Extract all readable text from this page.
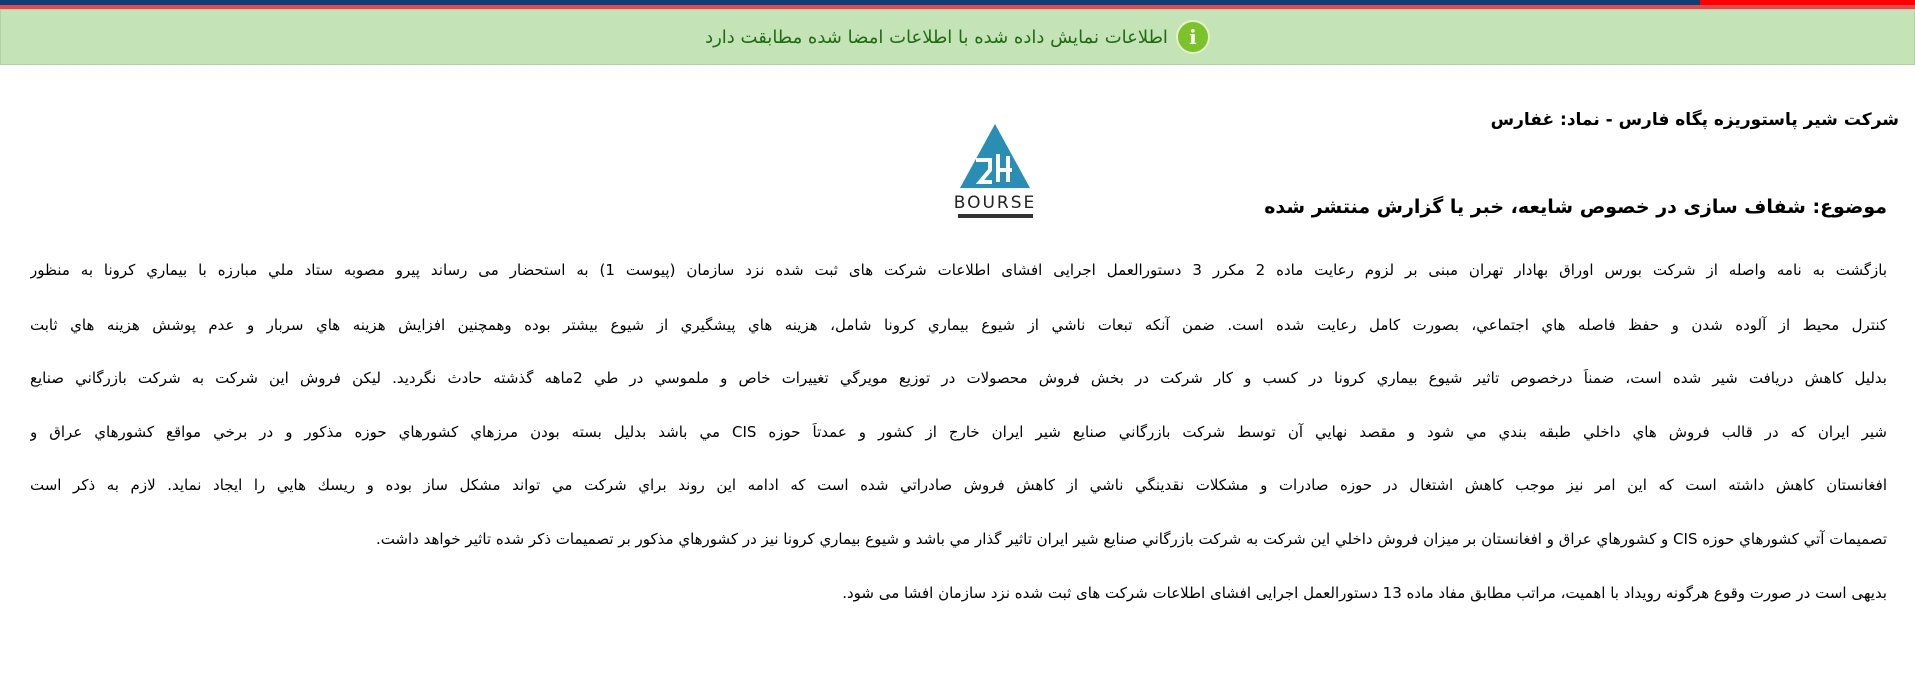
i
اطلاعات نمایش داده شده با اطلاعات امضا شده مطابقت دارد
شرکت شیر پاستوریزه پگاه فارس - نماد: غفارس
BOURSE	موضوع: شفاف سازی در خصوص شایعه، خبر یا گزارش منتشر شده
بازگشت به نامه واصله از شرکت بورس اوراق بهادار تهران مبنی بر لزوم رعایت ماده 2 مکرر 3 دستورالعمل اجرایی افشای اطلاعات شرکت های ثبت شده نزد سازمان (پیوست 1) به استحضار می رساند پیرو مصوبه ستاد ملي مبارزه با بيماري كرونا به منظور
كنترل محيط از آلوده شدن و حفظ فاصله هاي اجتماعي، بصورت كامل رعايت شده است. ضمن آنكه تبعات ناشي از شيوع بيماري كرونا شامل، هزينه هاي پيشگيري از شيوع بيشتر بوده وهمچنين افزايش هزينه هاي سربار و عدم پوشش هزينه هاي ثابت
بدليل كاهش دريافت شير شده است، ضمناً درخصوص تاثير شيوع بيماري كرونا در كسب و كار شركت در بخش فروش محصولات در توزيع مويرگي تغييرات خاص و ملموسي در طي 2ماهه گذشته حادث نگرديد. ليكن فروش اين شركت به شركت بازرگاني صنايع
شير ايران كه در قالب فروش هاي داخلي طبقه بندي مي شود و مقصد نهايي آن توسط شركت بازرگاني صنايع شير ايران خارج از كشور و عمدتاً حوزه CIS مي باشد بدليل بسته بودن مرزهاي كشورهاي حوزه مذكور و در برخي مواقع كشورهاي عراق و
افغانستان كاهش داشته است كه اين امر نيز موجب كاهش اشتغال در حوزه صادرات و مشكلات نقدينگي ناشي از كاهش فروش صادراتي شده است كه ادامه اين روند براي شركت مي تواند مشكل ساز بوده و ريسك هايي را ايجاد نمايد. لازم به ذكر است
تصميمات آتي كشورهاي حوزه CIS و كشورهاي عراق و افغانستان بر ميزان فروش داخلي اين شركت به شركت بازرگاني صنايع شير ايران تاثير گذار مي باشد و شيوع بيماري كرونا نيز در كشورهاي مذكور بر تصميمات ذكر شده تاثير خواهد داشت.
بدیهی است در صورت وقوع هرگونه رویداد با اهمیت، مراتب مطابق مفاد ماده 13 دستورالعمل اجرایی افشای اطلاعات شرکت های ثبت شده نزد سازمان افشا می شود.
